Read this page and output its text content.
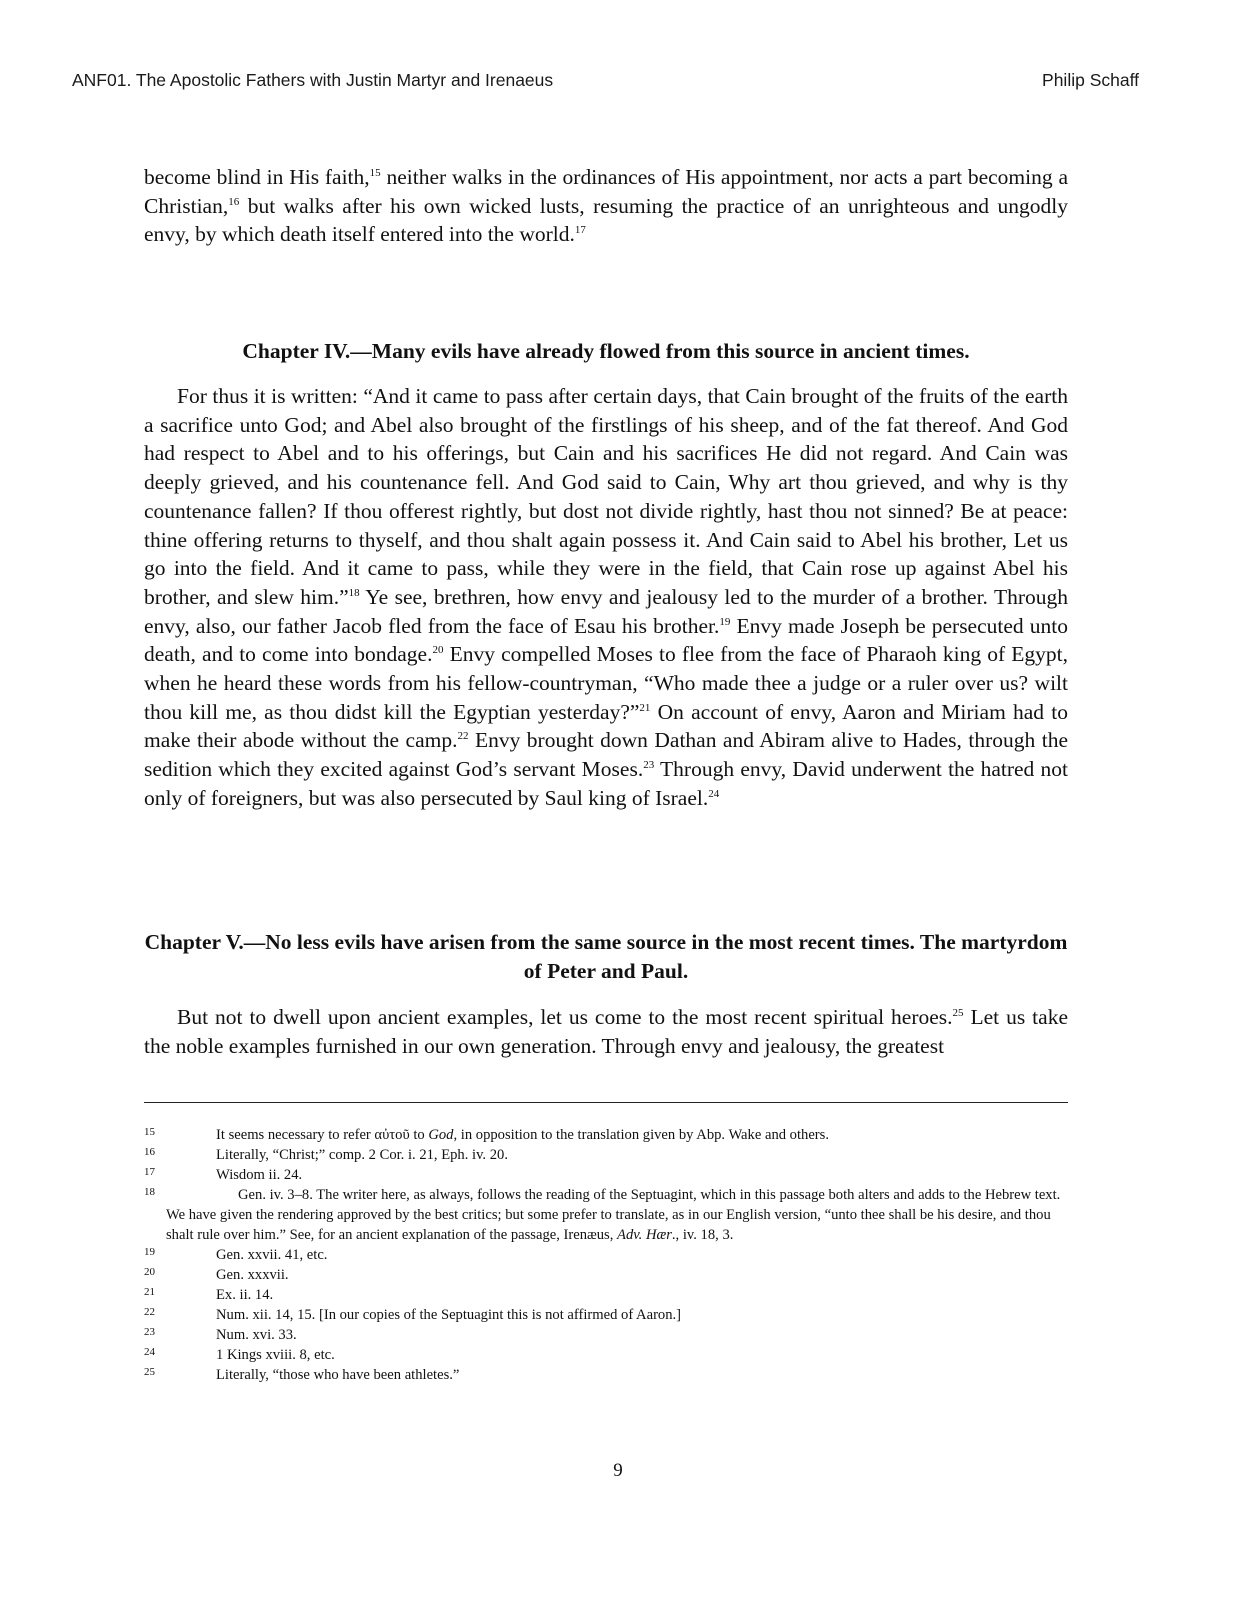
ANF01. The Apostolic Fathers with Justin Martyr and Irenaeus	Philip Schaff

become blind in His faith,$^{15}$ neither walks in the ordinances of His appointment, nor acts a part becoming a Christian,$^{16}$ but walks after his own wicked lusts, resuming the practice of an unrighteous and ungodly envy, by which death itself entered into the world.$^{17}$

Chapter IV.—Many evils have already flowed from this source in ancient times.

For thus it is written: “And it came to pass after certain days, that Cain brought of the fruits of the earth a sacrifice unto God; and Abel also brought of the firstlings of his sheep, and of the fat thereof. And God had respect to Abel and to his offerings, but Cain and his sacrifices He did not regard. And Cain was deeply grieved, and his countenance fell. And God said to Cain, Why art thou grieved, and why is thy countenance fallen? If thou offerest rightly, but dost not divide rightly, hast thou not sinned? Be at peace: thine offering returns to thyself, and thou shalt again possess it. And Cain said to Abel his brother, Let us go into the field. And it came to pass, while they were in the field, that Cain rose up against Abel his brother, and slew him.”$^{18}$ Ye see, brethren, how envy and jealousy led to the murder of a brother. Through envy, also, our father Jacob fled from the face of Esau his brother.$^{19}$ Envy made Joseph be persecuted unto death, and to come into bondage.$^{20}$ Envy compelled Moses to flee from the face of Pharaoh king of Egypt, when he heard these words from his fellow-countryman, “Who made thee a judge or a ruler over us? wilt thou kill me, as thou didst kill the Egyptian yesterday?”$^{21}$ On account of envy, Aaron and Miriam had to make their abode without the camp.$^{22}$ Envy brought down Dathan and Abiram alive to Hades, through the sedition which they excited against God’s servant Moses.$^{23}$ Through envy, David underwent the hatred not only of foreigners, but was also persecuted by Saul king of Israel.$^{24}$

Chapter V.—No less evils have arisen from the same source in the most recent times. The martyrdom of Peter and Paul.

But not to dwell upon ancient examples, let us come to the most recent spiritual heroes.$^{25}$ Let us take the noble examples furnished in our own generation. Through envy and jealousy, the greatest

15	It seems necessary to refer αὐτοῦ to God, in opposition to the translation given by Abp. Wake and others.
16	Literally, “Christ;” comp. 2 Cor. i. 21, Eph. iv. 20.
17	Wisdom ii. 24.
18	Gen. iv. 3–8. The writer here, as always, follows the reading of the Septuagint, which in this passage both alters and adds to the Hebrew text. We have given the rendering approved by the best critics; but some prefer to translate, as in our English version, “unto thee shall be his desire, and thou shalt rule over him.” See, for an ancient explanation of the passage, Irenæus, Adv. Hær., iv. 18, 3.
19	Gen. xxvii. 41, etc.
20	Gen. xxxvii.
21	Ex. ii. 14.
22	Num. xii. 14, 15. [In our copies of the Septuagint this is not affirmed of Aaron.]
23	Num. xvi. 33.
24	1 Kings xviii. 8, etc.
25	Literally, “those who have been athletes.”
9
